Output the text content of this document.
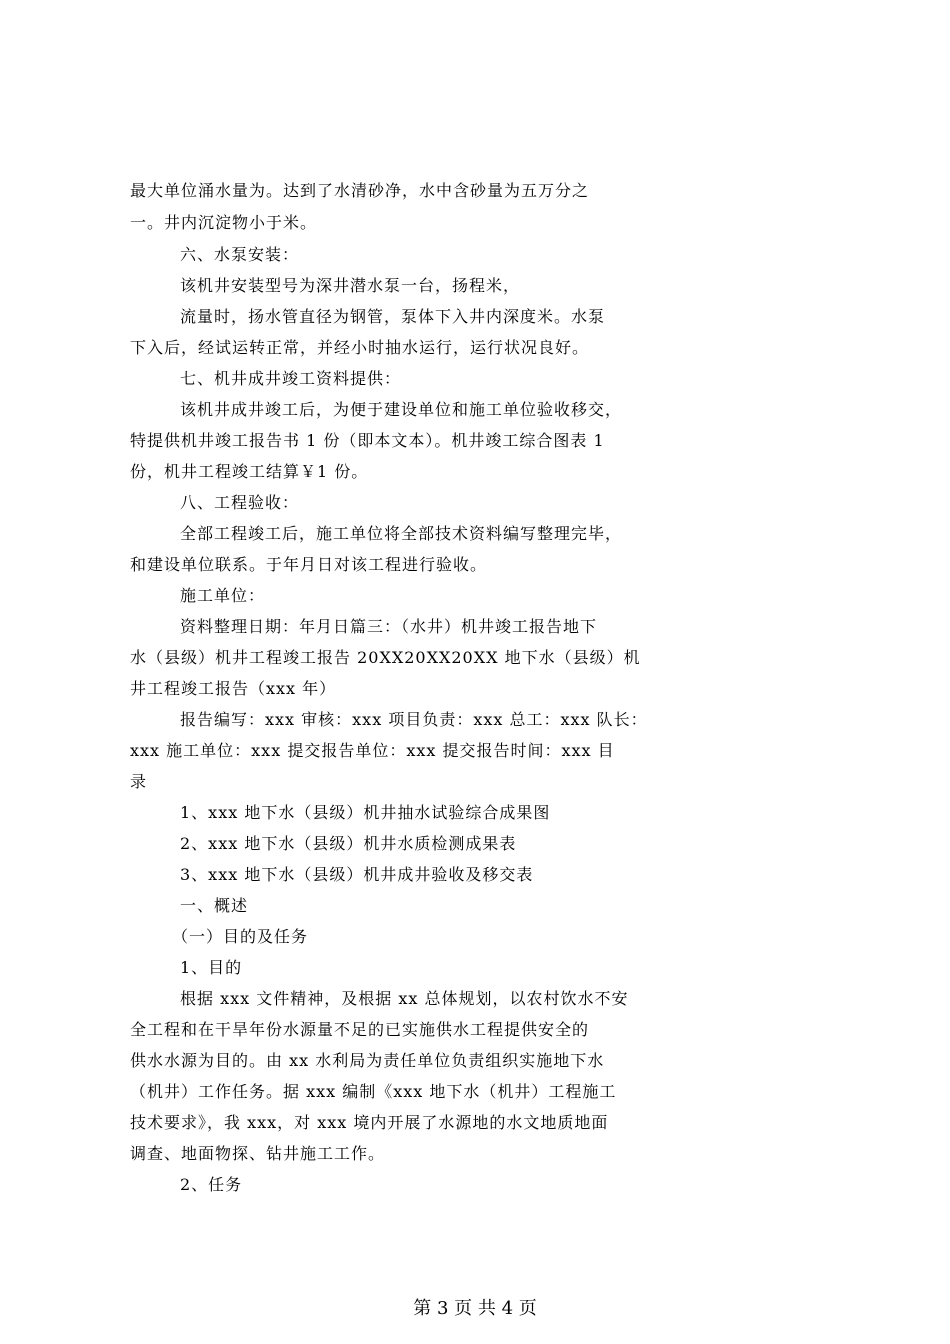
最大单位涌水量为。达到了水清砂净，水中含砂量为五万分之
一。井内沉淀物小于米。
六、水泵安装：
该机井安装型号为深井潜水泵一台，扬程米，
流量时，扬水管直径为钢管，泵体下入井内深度米。水泵
下入后，经试运转正常，并经小时抽水运行，运行状况良好。
七、机井成井竣工资料提供：
该机井成井竣工后，为便于建设单位和施工单位验收移交，
特提供机井竣工报告书 1 份（即本文本）。机井竣工综合图表 1
份，机井工程竣工结算￥1 份。
八、工程验收：
全部工程竣工后，施工单位将全部技术资料编写整理完毕，
和建设单位联系。于年月日对该工程进行验收。
施工单位：
资料整理日期：年月日篇三：（水井）机井竣工报告地下
水（县级）机井工程竣工报告 20XX20XX20XX 地下水（县级）机
井工程竣工报告（xxx 年）
报告编写：xxx 审核：xxx 项目负责：xxx 总工：xxx 队长：
xxx 施工单位：xxx 提交报告单位：xxx 提交报告时间：xxx 目
录
1、xxx 地下水（县级）机井抽水试验综合成果图
2、xxx 地下水（县级）机井水质检测成果表
3、xxx 地下水（县级）机井成井验收及移交表
一、概述
（一）目的及任务
1、目的
根据 xxx 文件精神，及根据 xx 总体规划，以农村饮水不安
全工程和在干旱年份水源量不足的已实施供水工程提供安全的
供水水源为目的。由 xx 水利局为责任单位负责组织实施地下水
（机井）工作任务。据 xxx 编制《xxx 地下水（机井）工程施工
技术要求》，我 xxx，对 xxx 境内开展了水源地的水文地质地面
调查、地面物探、钻井施工工作。
2、任务
第 3 页 共 4 页
